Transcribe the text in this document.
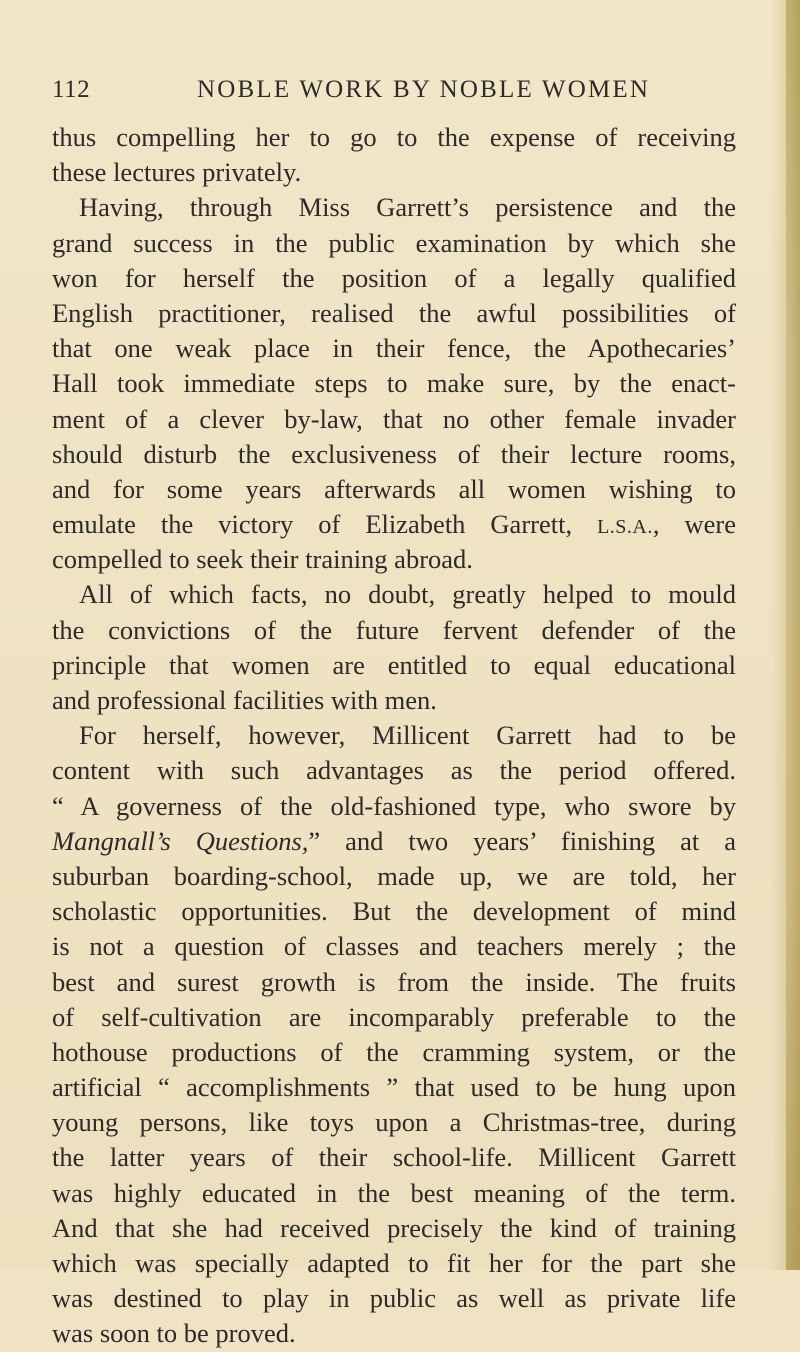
112	NOBLE WORK BY NOBLE WOMEN
thus compelling her to go to the expense of receiving
these lectures privately.
Having, through Miss Garrett’s persistence and the
grand success in the public examination by which she
won for herself the position of a legally qualified
English practitioner, realised the awful possibilities of
that one weak place in their fence, the Apothecaries’
Hall took immediate steps to make sure, by the enact-
ment of a clever by-law, that no other female invader
should disturb the exclusiveness of their lecture rooms,
and for some years afterwards all women wishing to
emulate the victory of Elizabeth Garrett, L.S.A., were
compelled to seek their training abroad.
All of which facts, no doubt, greatly helped to mould
the convictions of the future fervent defender of the
principle that women are entitled to equal educational
and professional facilities with men.
For herself, however, Millicent Garrett had to be
content with such advantages as the period offered.
“ A governess of the old-fashioned type, who swore by
Mangnall’s Questions,” and two years’ finishing at a
suburban boarding-school, made up, we are told, her
scholastic opportunities. But the development of mind
is not a question of classes and teachers merely ; the
best and surest growth is from the inside. The fruits
of self-cultivation are incomparably preferable to the
hothouse productions of the cramming system, or the
artificial “ accomplishments ” that used to be hung upon
young persons, like toys upon a Christmas-tree, during
the latter years of their school-life. Millicent Garrett
was highly educated in the best meaning of the term.
And that she had received precisely the kind of training
which was specially adapted to fit her for the part she
was destined to play in public as well as private life
was soon to be proved.
